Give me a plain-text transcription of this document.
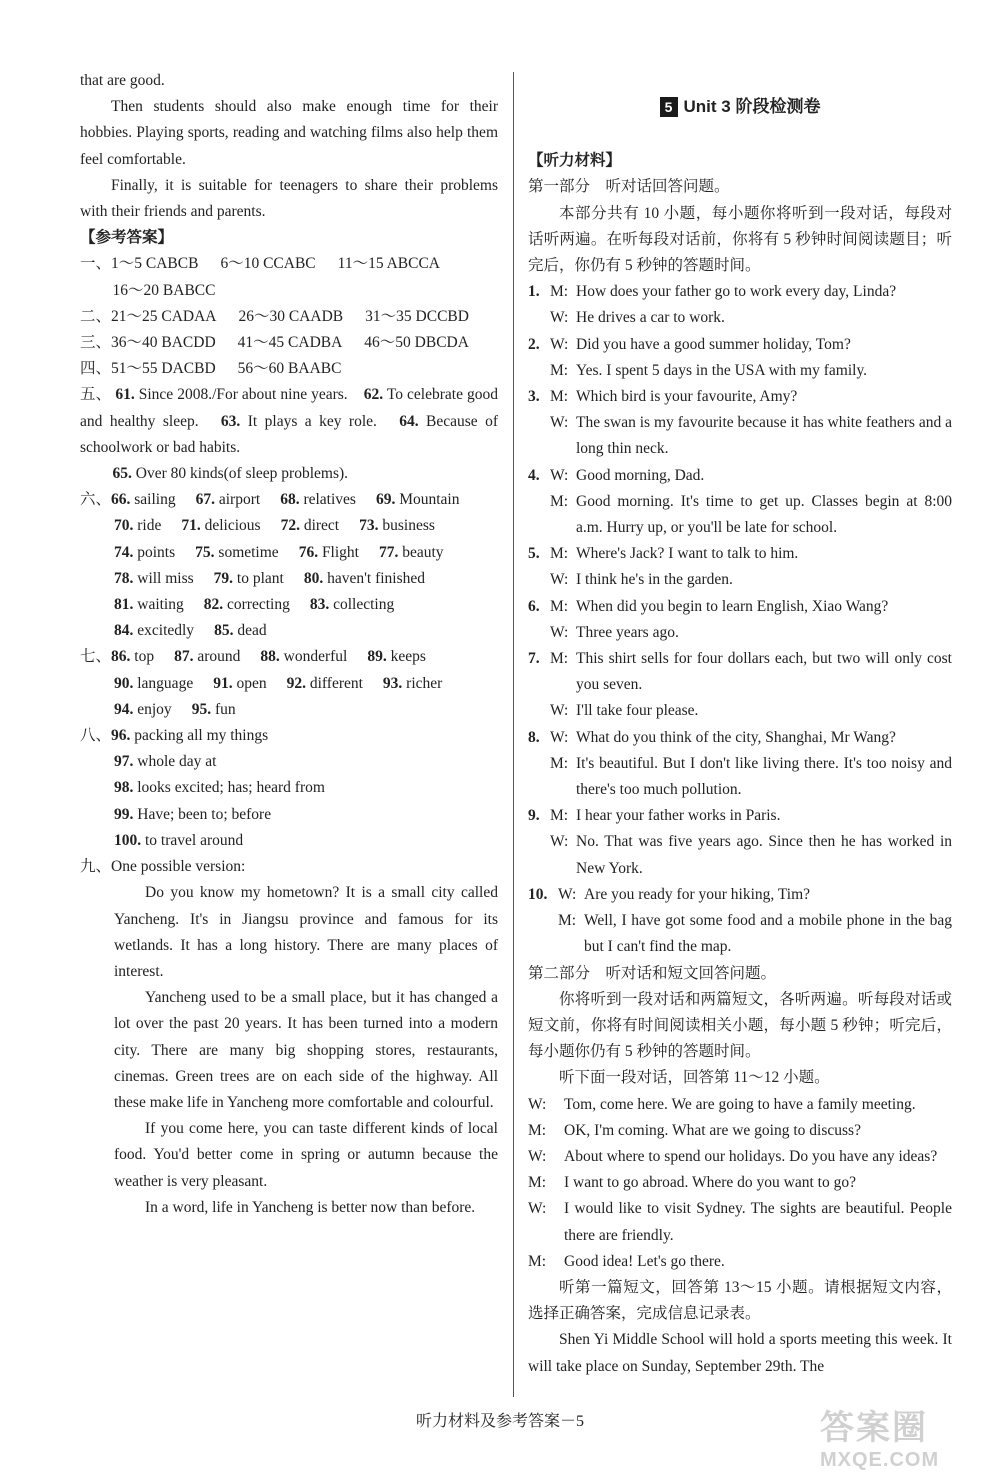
that are good.

Then students should also make enough time for their hobbies. Playing sports, reading and watching films also help them feel comfortable.

Finally, it is suitable for teenagers to share their problems with their friends and parents.

【参考答案】

一、 1～5 CABCB 6～10 CCABC 11～15 ABCCA
16～20 BABCC
二、 21～25 CADAA 26～30 CAADB 31～35 DCCBD
三、 36～40 BACDD 41～45 CADBA 46～50 DBCDA
四、 51～55 DACBD 56～60 BAABC
五、 61. Since 2008./For about nine years. 62. To celebrate good and healthy sleep. 63. It plays a key role. 64. Because of schoolwork or bad habits.
65. Over 80 kinds(of sleep problems).
六、 66. sailing 67. airport 68. relatives 69. Mountain
70. ride 71. delicious 72. direct 73. business
74. points 75. sometime 76. Flight 77. beauty
78. will miss 79. to plant 80. haven't finished
81. waiting 82. correcting 83. collecting
84. excitedly 85. dead
七、 86. top 87. around 88. wonderful 89. keeps
90. language 91. open 92. different 93. richer
94. enjoy 95. fun
八、 96.
packing all my things
97.
whole day at
98.
looks excited; has; heard from
99.
Have; been to; before
100.
to travel around
九、 One possible version:

Do you know my hometown? It is a small city called Yancheng. It's in Jiangsu province and famous for its wetlands. It has a long history. There are many places of interest.

Yancheng used to be a small place, but it has changed a lot over the past 20 years. It has been turned into a modern city. There are many big shopping stores, restaurants, cinemas. Green trees are on each side of the highway. All these make life in Yancheng more comfortable and colourful.

If you come here, you can taste different kinds of local food. You'd better come in spring or autumn because the weather is very pleasant.

In a word, life in Yancheng is better now than before.

5 Unit 3 阶段检测卷

【听力材料】

第一部分　听对话回答问题。

本部分共有 10 小题，每小题你将听到一段对话，每段对话听两遍。在听每段对话前，你将有 5 秒钟时间阅读题目；听完后，你仍有 5 秒钟的答题时间。

1. M: How does your father go to work every day, Linda?
W: He drives a car to work.
2. W: Did you have a good summer holiday, Tom?
M: Yes. I spent 5 days in the USA with my family.
3. M: Which bird is your favourite, Amy?
W: The swan is my favourite because it has white feathers and a long thin neck.
4. W: Good morning, Dad.
M: Good morning. It's time to get up. Classes begin at 8:00 a.m. Hurry up, or you'll be late for school.
5. M: Where's Jack? I want to talk to him.
W: I think he's in the garden.
6. M: When did you begin to learn English, Xiao Wang?
W: Three years ago.
7. M: This shirt sells for four dollars each, but two will only cost you seven.
W: I'll take four please.
8. W: What do you think of the city, Shanghai, Mr Wang?
M: It's beautiful. But I don't like living there. It's too noisy and there's too much pollution.
9. M: I hear your father works in Paris.
W: No. That was five years ago. Since then he has worked in New York.
10. W: Are you ready for your hiking, Tim?
M: Well, I have got some food and a mobile phone in the bag but I can't find the map.

第二部分　听对话和短文回答问题。

你将听到一段对话和两篇短文，各听两遍。听每段对话或短文前，你将有时间阅读相关小题，每小题 5 秒钟；听完后，每小题你仍有 5 秒钟的答题时间。

听下面一段对话，回答第 11～12 小题。

W:	Tom, come here. We are going to have a family meeting.
M:	OK, I'm coming. What are we going to discuss?
W:	About where to spend our holidays. Do you have any ideas?
M:	I want to go abroad. Where do you want to go?
W:	I would like to visit Sydney. The sights are beautiful. People there are friendly.
M:	Good idea! Let's go there.

听第一篇短文，回答第 13～15 小题。请根据短文内容，选择正确答案，完成信息记录表。

Shen Yi Middle School will hold a sports meeting this week. It will take place on Sunday, September 29th. The

听力材料及参考答案－5	答案圈
MXQE.COM
